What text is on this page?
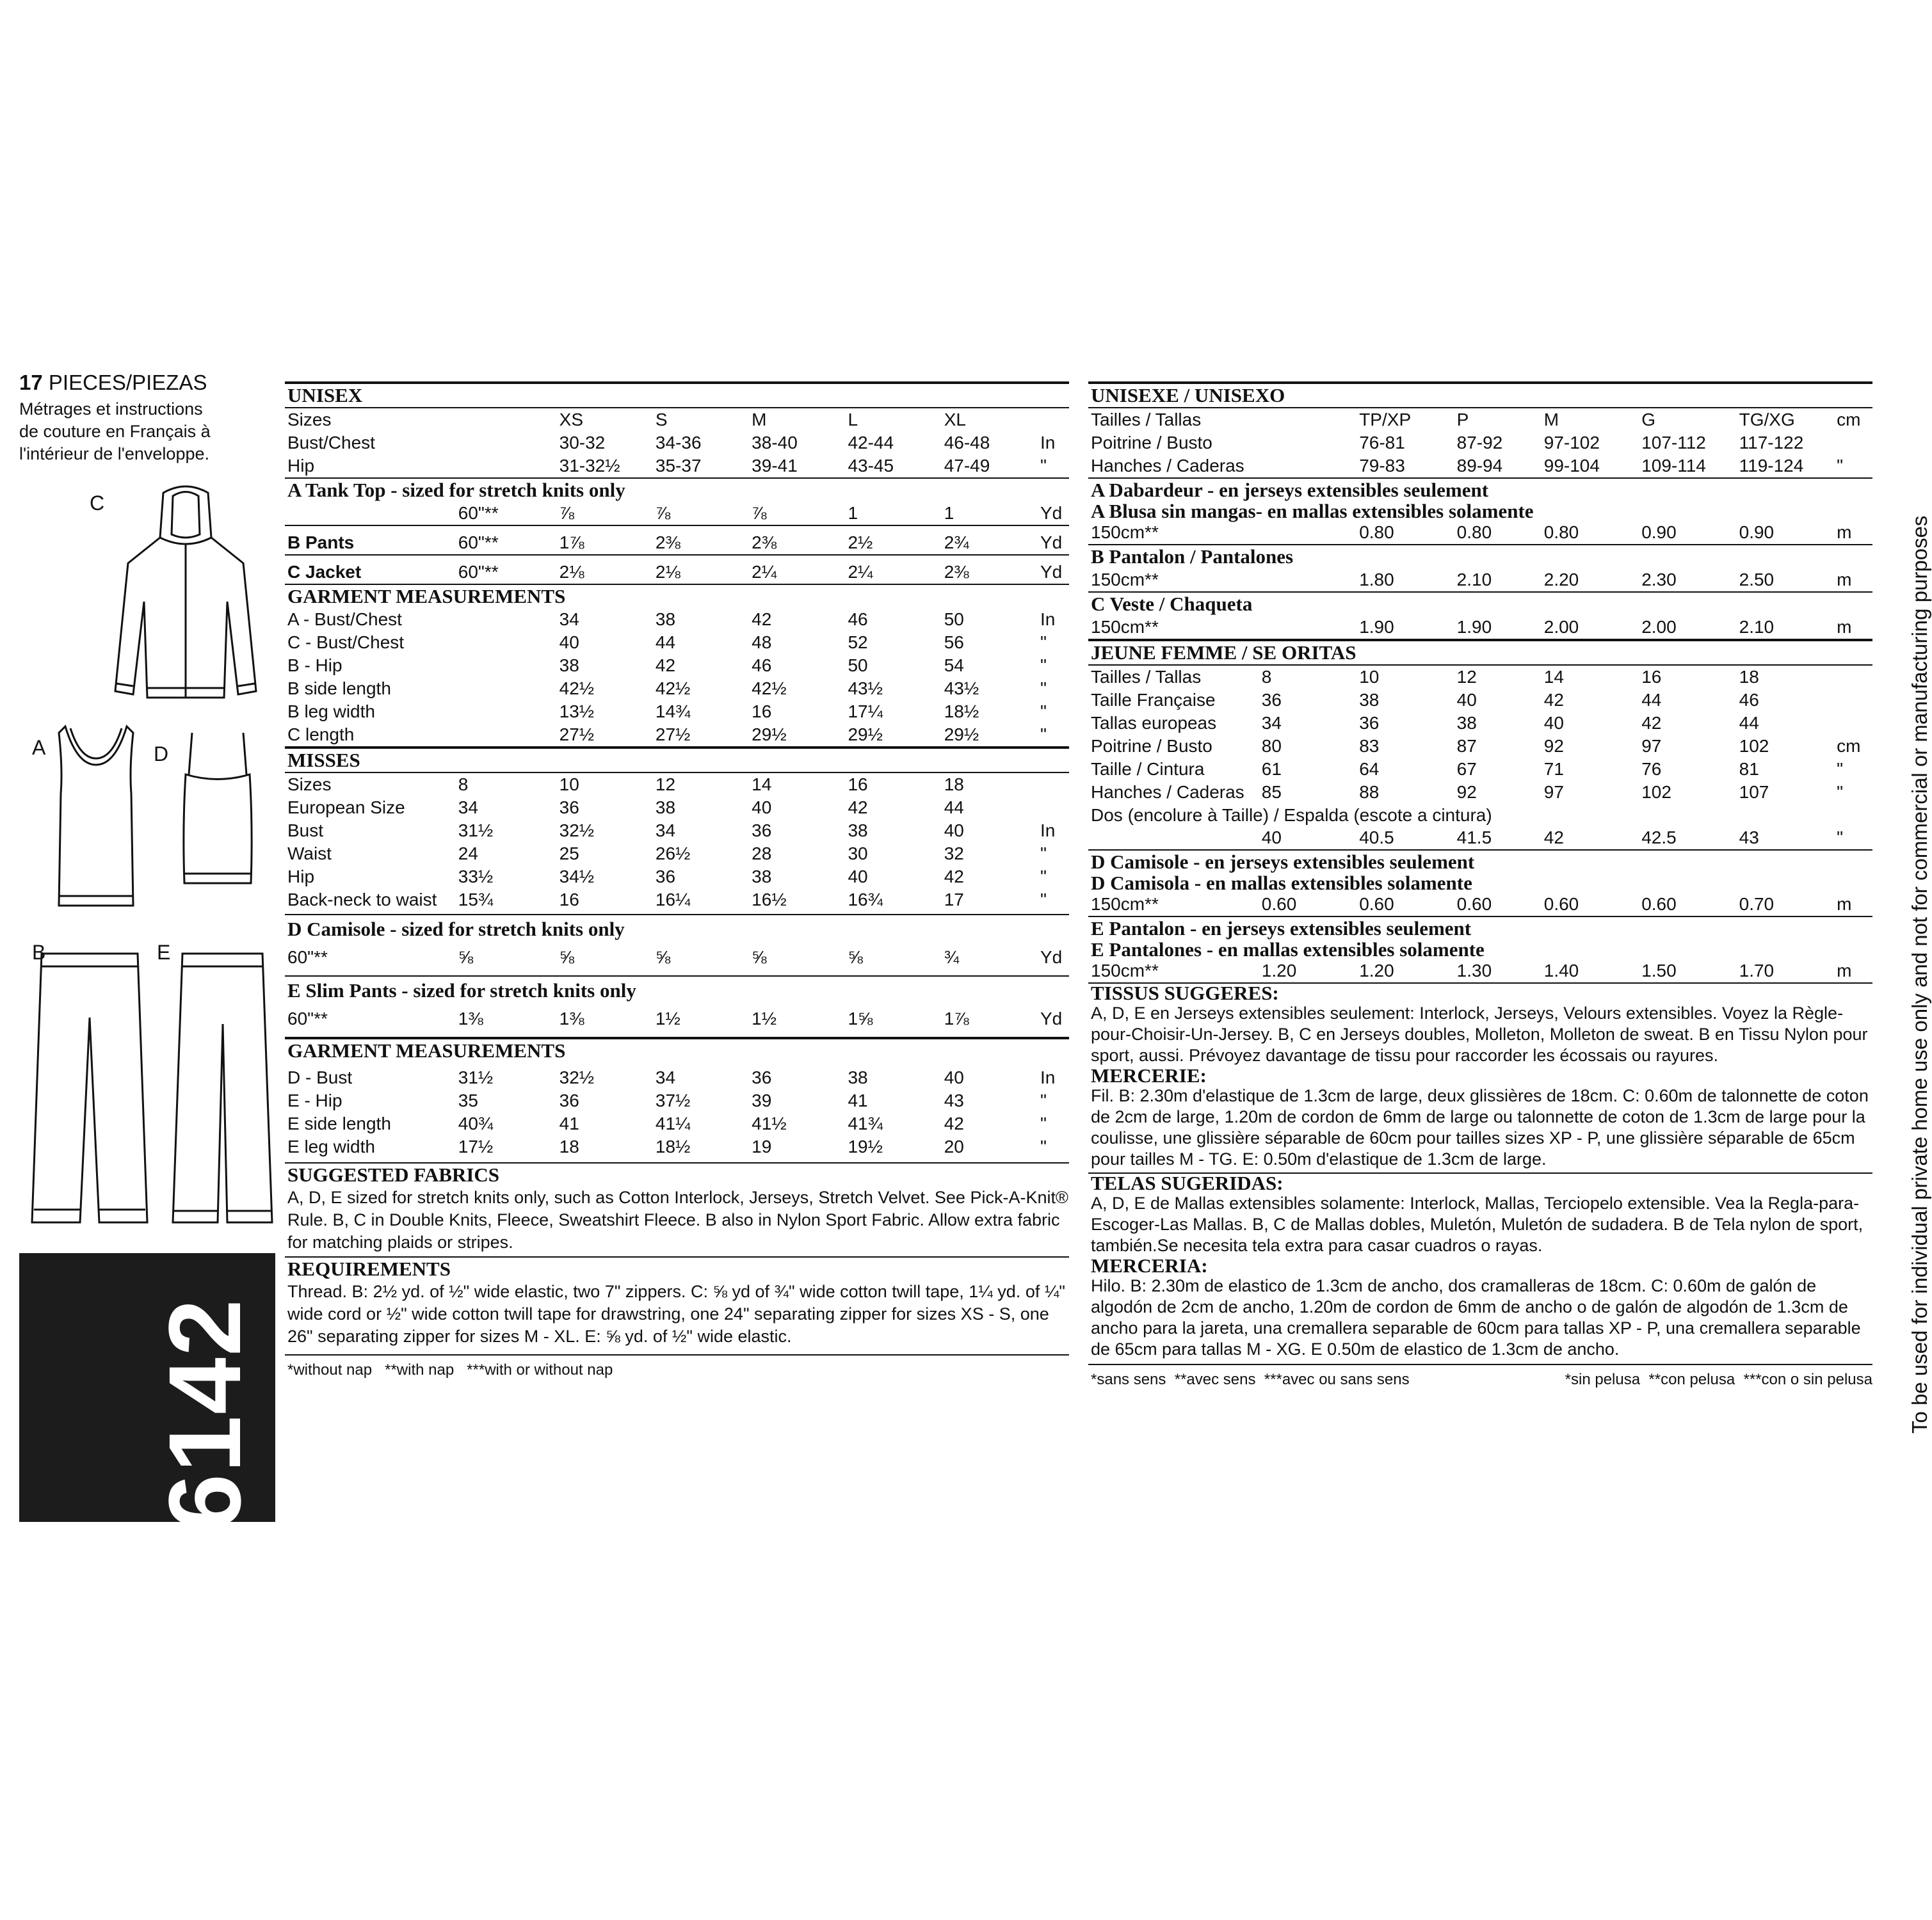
17 PIECES/PIEZAS
Métrages et instructions
de couture en Français à
l'intérieur de l'enveloppe.
C
A	D
B	E
6142
UNISEX
Sizes		XS	S	M	L	XL	
Bust/Chest		30-32	34-36	38-40	42-44	46-48	In
Hip		31-32½	35-37	39-41	43-45	47-49	"
A Tank Top - sized for stretch knits only
	60"**	⅞	⅞	⅞	1	1	Yd
B Pants	60"**	1⅞	2⅜	2⅜	2½	2¾	Yd
C Jacket	60"**	2⅛	2⅛	2¼	2¼	2⅜	Yd
GARMENT MEASUREMENTS
A - Bust/Chest		34	38	42	46	50	In
C - Bust/Chest		40	44	48	52	56	"
B - Hip		38	42	46	50	54	"
B side length		42½	42½	42½	43½	43½	"
B leg width		13½	14¾	16	17¼	18½	"
C length		27½	27½	29½	29½	29½	"
MISSES
Sizes	8	10	12	14	16	18	
European Size	34	36	38	40	42	44	
Bust	31½	32½	34	36	38	40	In
Waist	24	25	26½	28	30	32	"
Hip	33½	34½	36	38	40	42	"
Back-neck to waist	15¾	16	16¼	16½	16¾	17	"
D Camisole - sized for stretch knits only
60"**	⅝	⅝	⅝	⅝	⅝	¾	Yd
E Slim Pants - sized for stretch knits only
60"**	1⅜	1⅜	1½	1½	1⅝	1⅞	Yd
GARMENT MEASUREMENTS
D - Bust	31½	32½	34	36	38	40	In
E - Hip	35	36	37½	39	41	43	"
E side length	40¾	41	41¼	41½	41¾	42	"
E leg width	17½	18	18½	19	19½	20	"
SUGGESTED FABRICS
A, D, E sized for stretch knits only, such as Cotton Interlock, Jerseys, Stretch Velvet. See Pick-A-Knit® Rule. B, C in Double Knits, Fleece, Sweatshirt Fleece. B also in Nylon Sport Fabric. Allow extra fabric for matching plaids or stripes.
REQUIREMENTS
Thread. B: 2½ yd. of ½" wide elastic, two 7" zippers. C: ⅝ yd of ¾" wide cotton twill tape, 1¼ yd. of ¼" wide cord or ½" wide cotton twill tape for drawstring, one 24" separating zipper for sizes XS - S, one 26" separating zipper for sizes M - XL. E: ⅝ yd. of ½" wide elastic.
*without nap   **with nap   ***with or without nap
UNISEXE / UNISEXO
Tailles / Tallas		TP/XP	P	M	G	TG/XG	cm
Poitrine / Busto		76-81	87-92	97-102	107-112	117-122	
Hanches / Caderas		79-83	89-94	99-104	109-114	119-124	"
A Dabardeur - en jerseys extensibles seulement
A Blusa sin mangas- en mallas extensibles solamente
150cm**		0.80	0.80	0.80	0.90	0.90	m
B Pantalon / Pantalones
150cm**		1.80	2.10	2.20	2.30	2.50	m
C Veste / Chaqueta
150cm**		1.90	1.90	2.00	2.00	2.10	m
JEUNE FEMME / SE ORITAS
Tailles / Tallas	8	10	12	14	16	18	
Taille Française	36	38	40	42	44	46	
Tallas europeas	34	36	38	40	42	44	
Poitrine / Busto	80	83	87	92	97	102	cm
Taille / Cintura	61	64	67	71	76	81	"
Hanches / Caderas	85	88	92	97	102	107	"
Dos (encolure à Taille) / Espalda (escote a cintura)
	40	40.5	41.5	42	42.5	43	"
D Camisole - en jerseys extensibles seulement
D Camisola - en mallas extensibles solamente
150cm**	0.60	0.60	0.60	0.60	0.60	0.70	m
E Pantalon - en jerseys extensibles seulement
E Pantalones - en mallas extensibles solamente
150cm**	1.20	1.20	1.30	1.40	1.50	1.70	m
TISSUS SUGGERES:
A, D, E en Jerseys extensibles seulement: Interlock, Jerseys, Velours extensibles. Voyez la Règle-pour-Choisir-Un-Jersey. B, C en Jerseys doubles, Molleton, Molleton de sweat. B en Tissu Nylon pour sport, aussi. Prévoyez davantage de tissu pour raccorder les écossais ou rayures.
MERCERIE:
Fil. B: 2.30m d'elastique de 1.3cm de large, deux glissières de 18cm. C: 0.60m de talonnette de coton de 2cm de large, 1.20m de cordon de 6mm de large ou talonnette de coton de 1.3cm de large pour la coulisse, une glissière séparable de 60cm pour tailles sizes XP - P, une glissière séparable de 65cm pour tailles M - TG. E: 0.50m d'elastique de 1.3cm de large.
TELAS SUGERIDAS:
A, D, E de Mallas extensibles solamente: Interlock, Mallas, Terciopelo extensible. Vea la Regla-para-Escoger-Las Mallas. B, C de Mallas dobles, Muletón, Muletón de sudadera. B de Tela nylon de sport, también.Se necesita tela extra para casar cuadros o rayas.
MERCERIA:
Hilo. B: 2.30m de elastico de 1.3cm de ancho, dos cramalleras de 18cm. C: 0.60m de galón de algodón de 2cm de ancho, 1.20m de cordon de 6mm de ancho o de galón de algodón de 1.3cm de ancho para la jareta, una cremallera separable de 60cm para tallas XP - P, una cremallera separable de 65cm para tallas M - XG. E 0.50m de elastico de 1.3cm de ancho.
*sans sens  **avec sens  ***avec ou sans sens	*sin pelusa  **con pelusa  ***con o sin pelusa To be used for individual private home use only and not for commercial or manufacturing purposes
